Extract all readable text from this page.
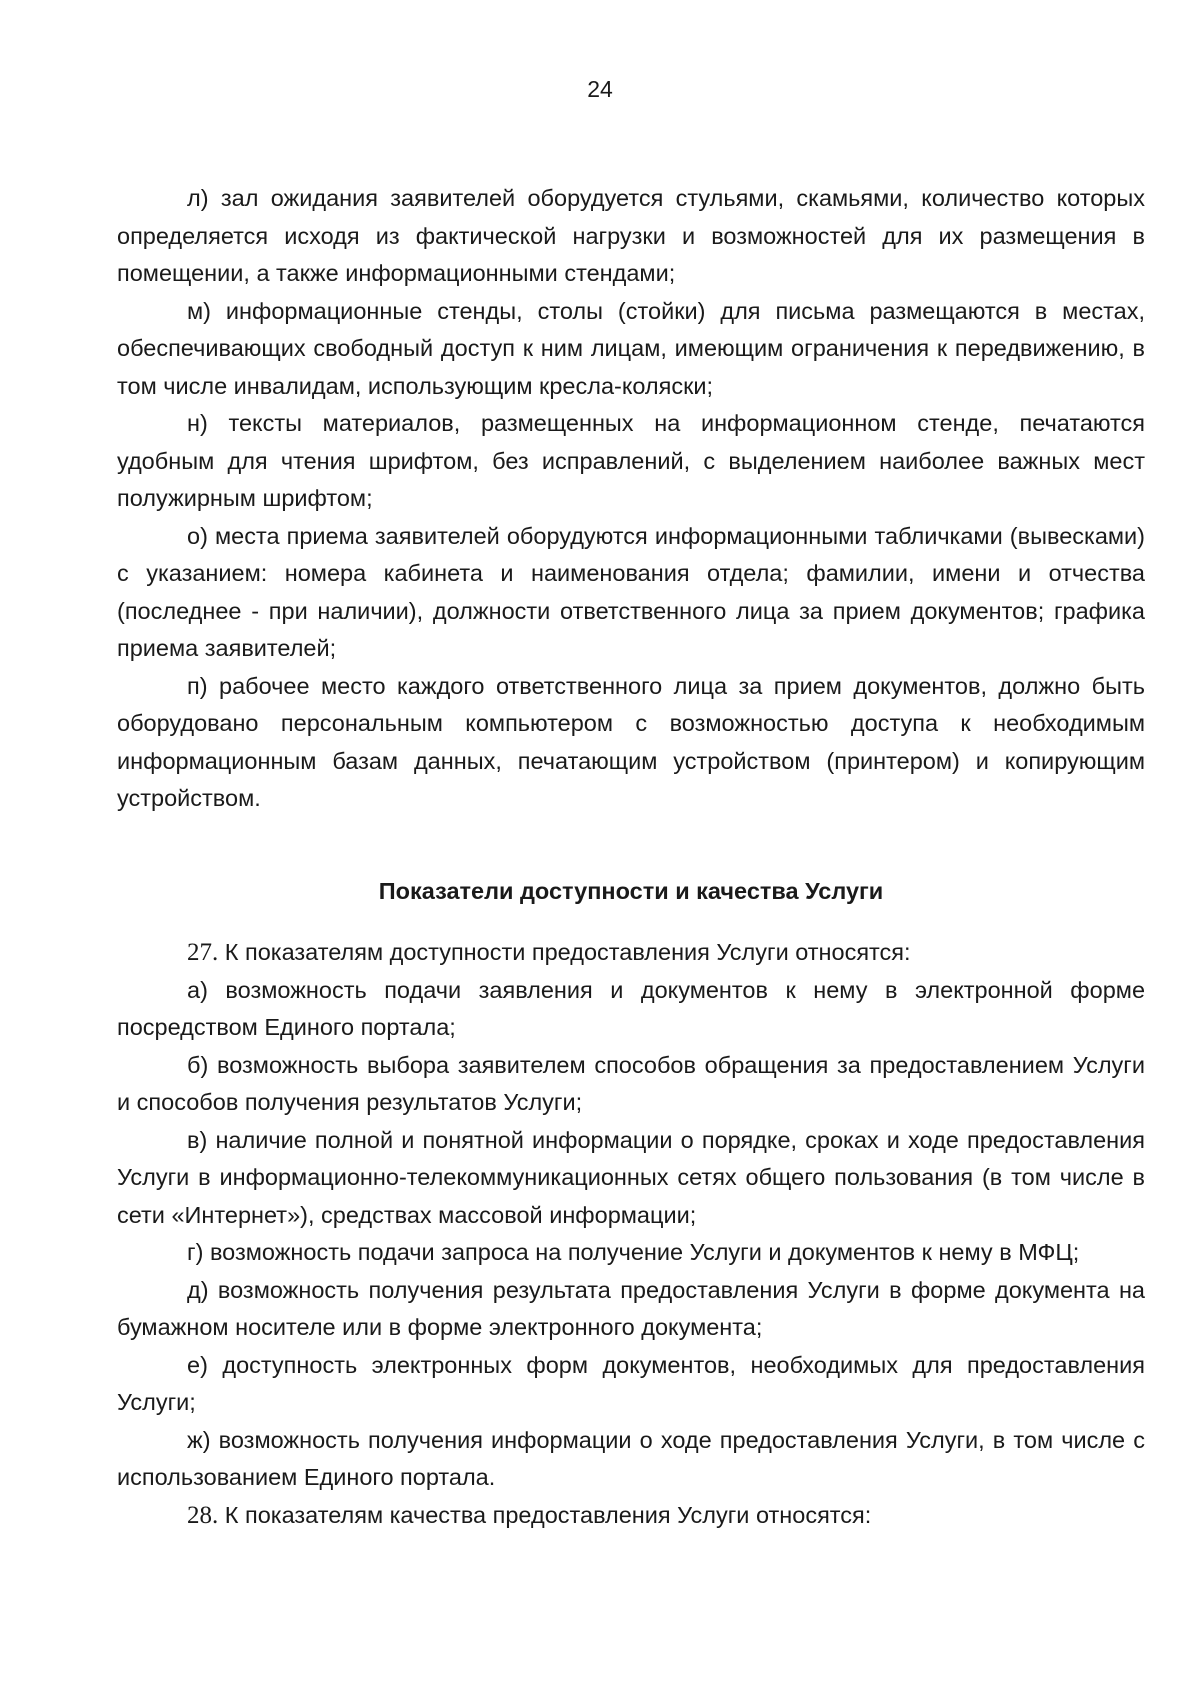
24

л) зал ожидания заявителей оборудуется стульями, скамьями, количество которых определяется исходя из фактической нагрузки и возможностей для их размещения в помещении, а также информационными стендами;

м) информационные стенды, столы (стойки) для письма размещаются в местах, обеспечивающих свободный доступ к ним лицам, имеющим ограничения к передвижению, в том числе инвалидам, использующим кресла-коляски;

н) тексты материалов, размещенных на информационном стенде, печатаются удобным для чтения шрифтом, без исправлений, с выделением наиболее важных мест полужирным шрифтом;

о) места приема заявителей оборудуются информационными табличками (вывесками) с указанием: номера кабинета и наименования отдела; фамилии, имени и отчества (последнее - при наличии), должности ответственного лица за прием документов; графика приема заявителей;

п) рабочее место каждого ответственного лица за прием документов, должно быть оборудовано персональным компьютером с возможностью доступа к необходимым информационным базам данных, печатающим устройством (принтером) и копирующим устройством.

Показатели доступности и качества Услуги

27. К показателям доступности предоставления Услуги относятся:

а) возможность подачи заявления и документов к нему в электронной форме посредством Единого портала;

б) возможность выбора заявителем способов обращения за предоставлением Услуги и способов получения результатов Услуги;

в) наличие полной и понятной информации о порядке, сроках и ходе предоставления Услуги в информационно-телекоммуникационных сетях общего пользования (в том числе в сети «Интернет»), средствах массовой информации;

г) возможность подачи запроса на получение Услуги и документов к нему в МФЦ;

д) возможность получения результата предоставления Услуги в форме документа на бумажном носителе или в форме электронного документа;

е) доступность электронных форм документов, необходимых для предоставления Услуги;

ж) возможность получения информации о ходе предоставления Услуги, в том числе с использованием Единого портала.

28. К показателям качества предоставления Услуги относятся:
